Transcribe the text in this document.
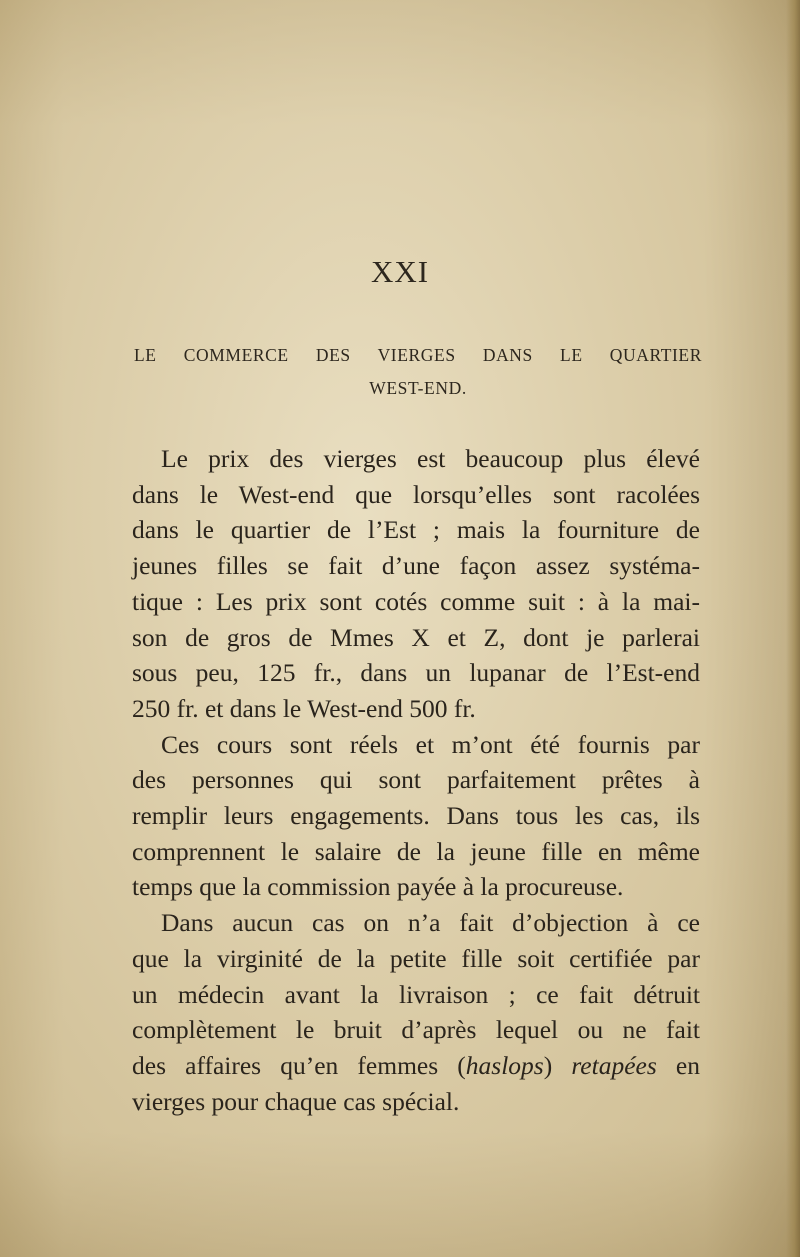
XXI
LE COMMERCE DES VIERGES DANS LE QUARTIER
WEST-END.
Le prix des vierges est beaucoup plus élevé
dans le West-end que lorsqu’elles sont racolées
dans le quartier de l’Est ; mais la fourniture de
jeunes filles se fait d’une façon assez systéma-
tique : Les prix sont cotés comme suit : à la mai-
son de gros de Mmes X et Z, dont je parlerai
sous peu, 125 fr., dans un lupanar de l’Est-end
250 fr. et dans le West-end 500 fr.
Ces cours sont réels et m’ont été fournis par
des personnes qui sont parfaitement prêtes à
remplir leurs engagements. Dans tous les cas, ils
comprennent le salaire de la jeune fille en même
temps que la commission payée à la procureuse.
Dans aucun cas on n’a fait d’objection à ce
que la virginité de la petite fille soit certifiée par
un médecin avant la livraison ; ce fait détruit
complètement le bruit d’après lequel ou ne fait
des affaires qu’en femmes (haslops) retapées en
vierges pour chaque cas spécial.
